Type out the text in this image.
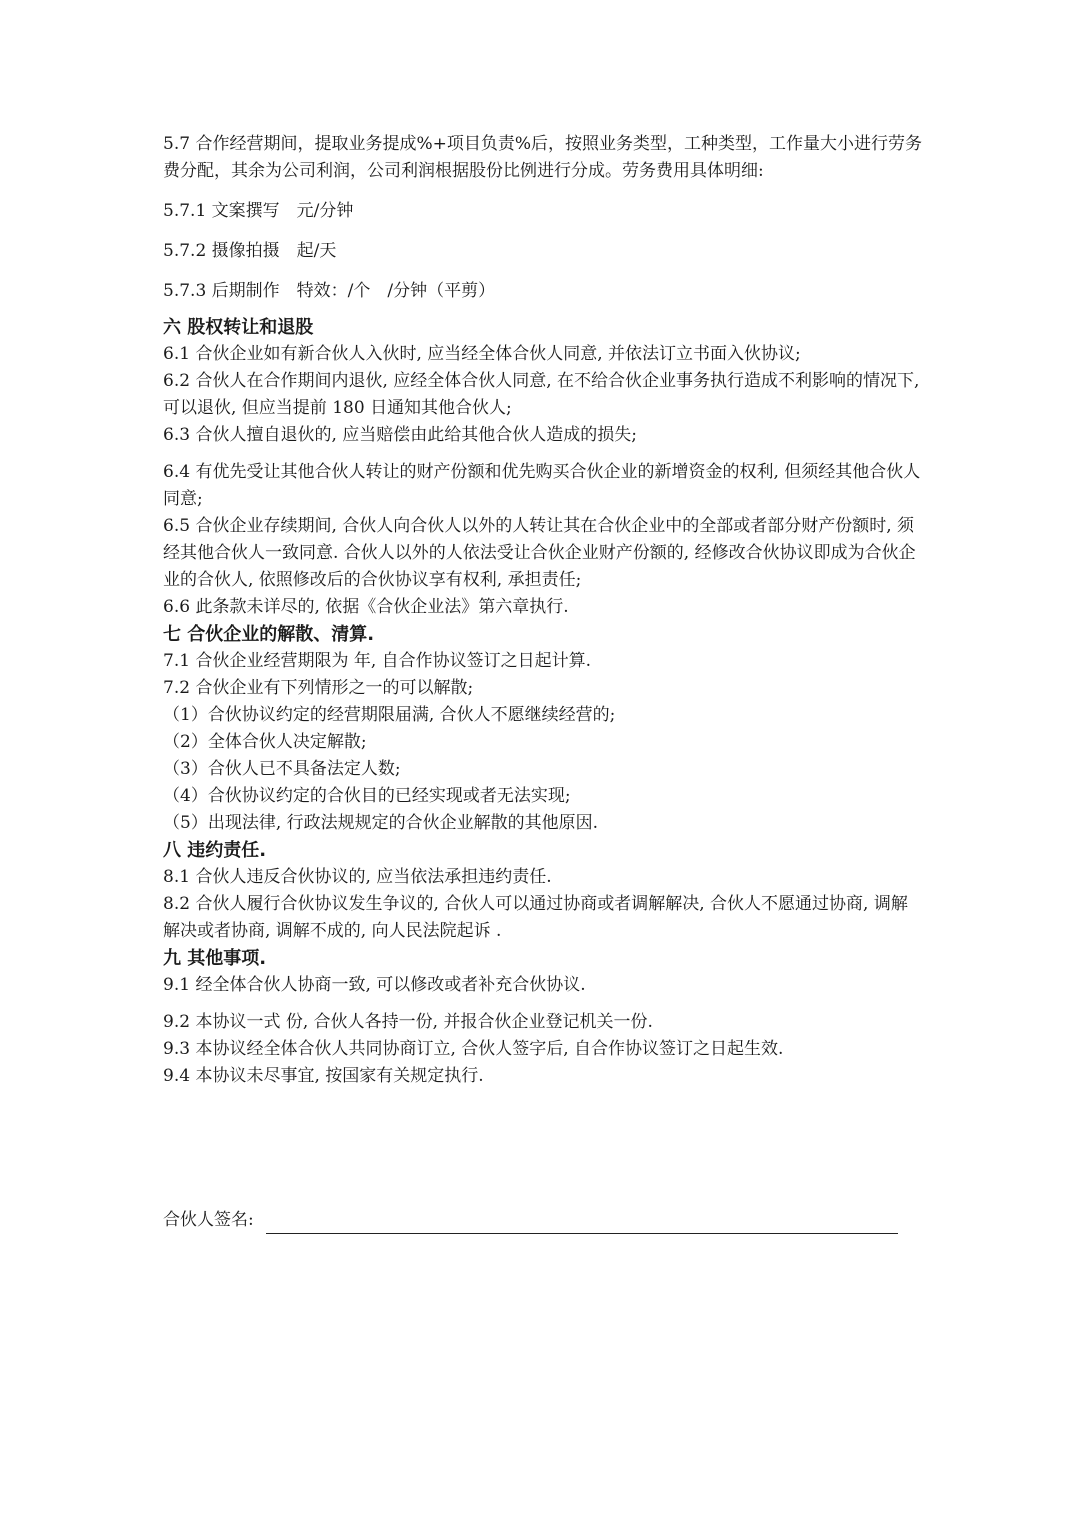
5.7 合作经营期间，提取业务提成%+项目负责%后，按照业务类型，工种类型，工作量大小进行劳务费分配，其余为公司利润，公司利润根据股份比例进行分成。劳务费用具体明细:

5.7.1 文案撰写　元/分钟

5.7.2 摄像拍摄　起/天

5.7.3 后期制作　特效：/个　/分钟（平剪）

六 股权转让和退股

6.1 合伙企业如有新合伙人入伙时, 应当经全体合伙人同意, 并依法订立书面入伙协议;

6.2 合伙人在合作期间内退伙, 应经全体合伙人同意, 在不给合伙企业事务执行造成不利影响的情况下, 可以退伙, 但应当提前 180 日通知其他合伙人;

6.3 合伙人擅自退伙的, 应当赔偿由此给其他合伙人造成的损失;

6.4 有优先受让其他合伙人转让的财产份额和优先购买合伙企业的新增资金的权利, 但须经其他合伙人同意;

6.5 合伙企业存续期间, 合伙人向合伙人以外的人转让其在合伙企业中的全部或者部分财产份额时, 须经其他合伙人一致同意. 合伙人以外的人依法受让合伙企业财产份额的, 经修改合伙协议即成为合伙企业的合伙人, 依照修改后的合伙协议享有权利, 承担责任;

6.6 此条款未详尽的, 依据《合伙企业法》第六章执行.

七 合伙企业的解散、清算.

7.1 合伙企业经营期限为 年, 自合作协议签订之日起计算.

7.2 合伙企业有下列情形之一的可以解散;

（1）合伙协议约定的经营期限届满, 合伙人不愿继续经营的;

（2）全体合伙人决定解散;

（3）合伙人已不具备法定人数;

（4）合伙协议约定的合伙目的已经实现或者无法实现;

（5）出现法律, 行政法规规定的合伙企业解散的其他原因.

八 违约责任.

8.1 合伙人违反合伙协议的, 应当依法承担违约责任.

8.2 合伙人履行合伙协议发生争议的, 合伙人可以通过协商或者调解解决, 合伙人不愿通过协商, 调解解决或者协商, 调解不成的, 向人民法院起诉 .

九 其他事项.

9.1 经全体合伙人协商一致, 可以修改或者补充合伙协议.

9.2 本协议一式 份, 合伙人各持一份, 并报合伙企业登记机关一份.

9.3 本协议经全体合伙人共同协商订立, 合伙人签字后, 自合作协议签订之日起生效.

9.4 本协议未尽事宜, 按国家有关规定执行.

合伙人签名:
